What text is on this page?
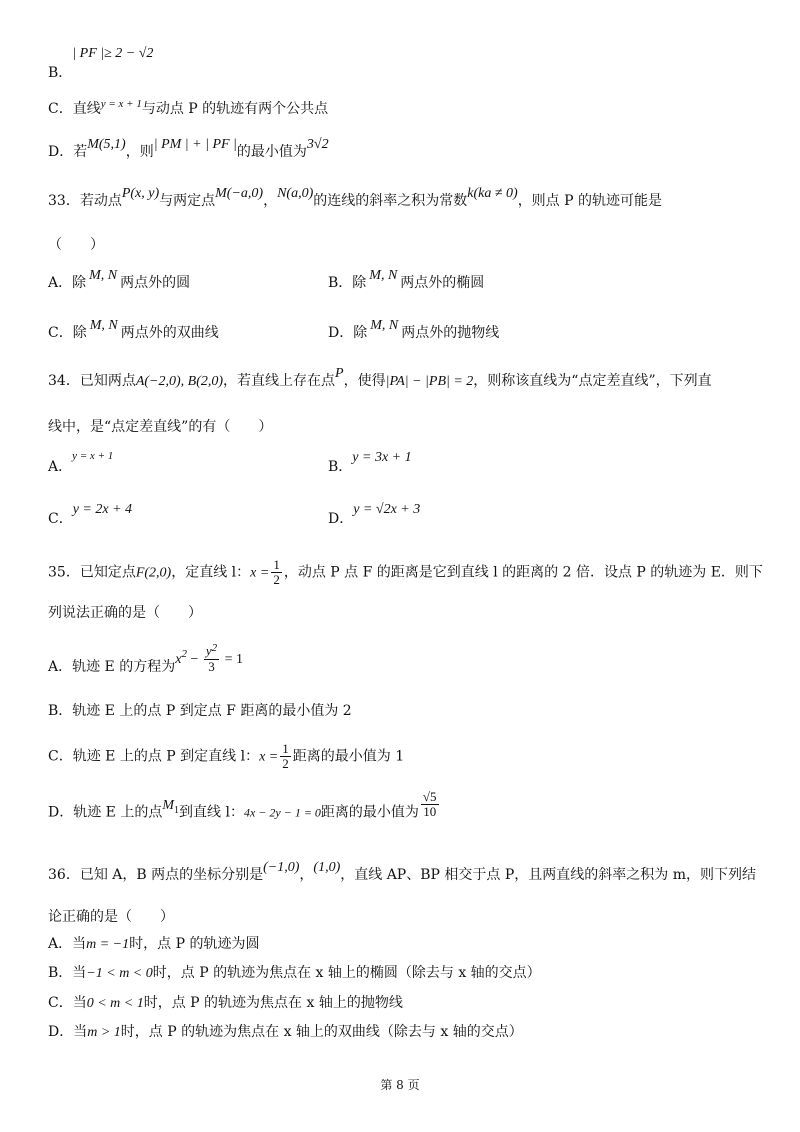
B．| PF |≥ 2 − √2
C．直线$^{y = x + 1}$与动点 P 的轨迹有两个公共点
D．若M(5,1)，则| PM | + | PF |的最小值为3√2
33．若动点P(x, y)与两定点M(−a,0)，N(a,0)的连线的斜率之积为常数k(ka ≠ 0)，则点 P 的轨迹可能是
（　　）
A．除 M, N 两点外的圆	B．除 M, N 两点外的椭圆
C．除 M, N 两点外的双曲线	D．除 M, N 两点外的抛物线
34．已知两点A(−2,0), B(2,0)，若直线上存在点P，使得|PA| − |PB| = 2，则称该直线为“点定差直线”，下列直
线中，是“点定差直线”的有（　　）
A．$^{y = x + 1}$
B．y = 3x + 1
C．y = 2x + 4
D．y = √2x + 3
35．已知定点F(2,0)，定直线 l：$x = \frac{1}{2}$ ，动点 P 点 F 的距离是它到直线 l 的距离的 2 倍．设点 P 的轨迹为 E．则下
列说法正确的是（　　）
A．轨迹 E 的方程为$x^2 - \frac{y^2}{3} = 1$
B．轨迹 E 上的点 P 到定点 F 距离的最小值为 2
C．轨迹 E 上的点 P 到定直线 l：$x = \frac{1}{2}$ 距离的最小值为 1
D．轨迹 E 上的点$M_1$到直线 l：4x − 2y − 1 = 0距离的最小值为 $\frac{√5}{10}$
36．已知 A，B 两点的坐标分别是(−1,0)，(1,0)，直线 AP、BP 相交于点 P，且两直线的斜率之积为 m，则下列结
论正确的是（　　）
A．当m = −1时，点 P 的轨迹为圆
B．当−1 < m < 0时，点 P 的轨迹为焦点在 x 轴上的椭圆（除去与 x 轴的交点）
C．当0 < m < 1时，点 P 的轨迹为焦点在 x 轴上的抛物线
D．当m > 1时，点 P 的轨迹为焦点在 x 轴上的双曲线（除去与 x 轴的交点）
第 8 页
